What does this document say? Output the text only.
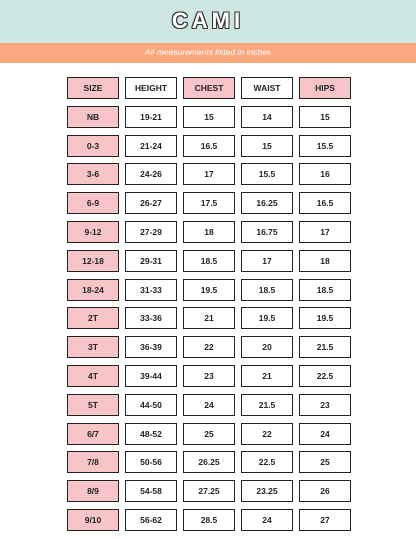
CAMI
All measurements listed in inches
SIZE	HEIGHT	CHEST	WAIST	HIPS
NB	19-21	15	14	15
0-3	21-24	16.5	15	15.5
3-6	24-26	17	15.5	16
6-9	26-27	17.5	16.25	16.5
9-12	27-29	18	16.75	17
12-18	29-31	18.5	17	18
18-24	31-33	19.5	18.5	18.5
2T	33-36	21	19.5	19.5
3T	36-39	22	20	21.5
4T	39-44	23	21	22.5
5T	44-50	24	21.5	23
6/7	48-52	25	22	24
7/8	50-56	26.25	22.5	25
8/9	54-58	27.25	23.25	26
9/10	56-62	28.5	24	27
